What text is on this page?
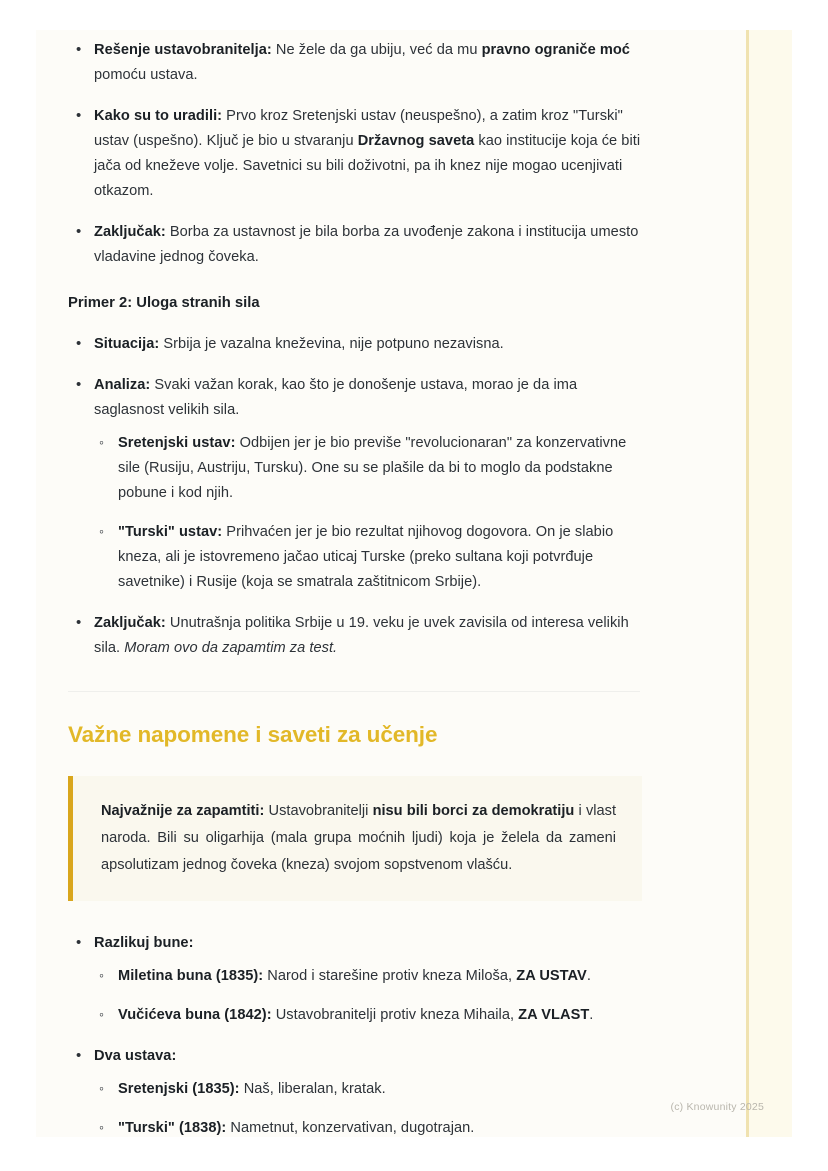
• Rešenje ustavobranitelja: Ne žele da ga ubiju, već da mu pravno ograniče moć pomoću ustava.
• Kako su to uradili: Prvo kroz Sretenjski ustav (neuspešno), a zatim kroz "Turski" ustav (uspešno). Ključ je bio u stvaranju Državnog saveta kao institucije koja će biti jača od kneževe volje. Savetnici su bili doživotni, pa ih knez nije mogao ucenjivati otkazom.
• Zaključak: Borba za ustavnost je bila borba za uvođenje zakona i institucija umesto vladavine jednog čoveka.
Primer 2: Uloga stranih sila
• Situacija: Srbija je vazalna kneževina, nije potpuno nezavisna.
• Analiza: Svaki važan korak, kao što je donošenje ustava, morao je da ima saglasnost velikih sila.
◦ Sretenjski ustav: Odbijen jer je bio previše "revolucionaran" za konzervativne sile (Rusiju, Austriju, Tursku). One su se plašile da bi to moglo da podstakne pobune i kod njih.
◦ "Turski" ustav: Prihvaćen jer je bio rezultat njihovog dogovora. On je slabio kneza, ali je istovremeno jačao uticaj Turske (preko sultana koji potvrđuje savetnike) i Rusije (koja se smatrala zaštitnicom Srbije).
• Zaključak: Unutrašnja politika Srbije u 19. veku je uvek zavisila od interesa velikih sila. Moram ovo da zapamtim za test.
Važne napomene i saveti za učenje

Najvažnije za zapamtiti: Ustavobranitelji nisu bili borci za demokratiju i vlast naroda. Bili su oligarhija (mala grupa moćnih ljudi) koja je želela da zameni apsolutizam jednog čoveka (kneza) svojom sopstvenom vlašću.

• Razlikuj bune:
◦ Miletina buna (1835): Narod i starešine protiv kneza Miloša, ZA USTAV.
◦ Vučićeva buna (1842): Ustavobranitelji protiv kneza Mihaila, ZA VLAST.
• Dva ustava:
◦ Sretenjski (1835): Naš, liberalan, kratak.
◦ "Turski" (1838): Nametnut, konzervativan, dugotrajan.
(c) Knowunity 2025
